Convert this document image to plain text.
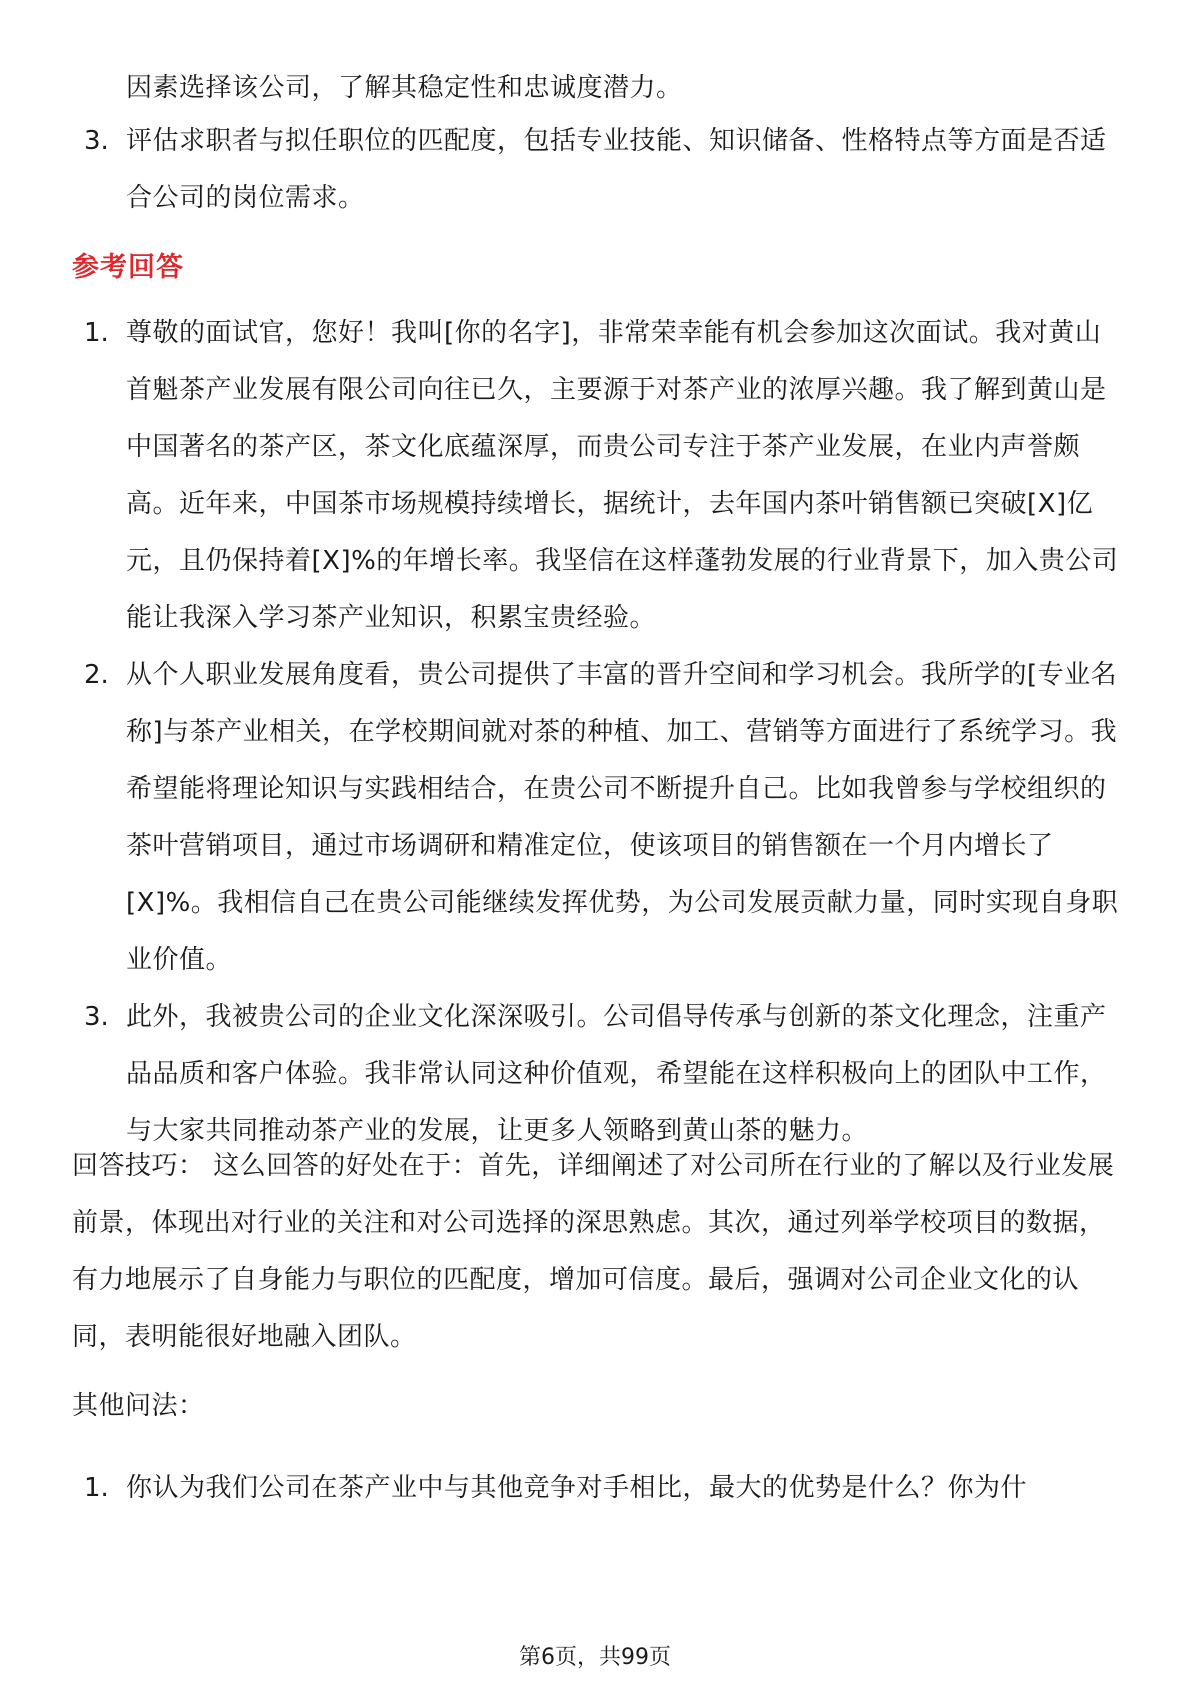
因素选择该公司，了解其稳定性和忠诚度潜力。
3. 评估求职者与拟任职位的匹配度，包括专业技能、知识储备、性格特点等方面是否适合公司的岗位需求。
参考回答
1. 尊敬的面试官，您好！我叫[你的名字]，非常荣幸能有机会参加这次面试。我对黄山首魁茶产业发展有限公司向往已久，主要源于对茶产业的浓厚兴趣。我了解到黄山是中国著名的茶产区，茶文化底蕴深厚，而贵公司专注于茶产业发展，在业内声誉颇高。近年来，中国茶市场规模持续增长，据统计，去年国内茶叶销售额已突破[X]亿元，且仍保持着[X]%的年增长率。我坚信在这样蓬勃发展的行业背景下，加入贵公司能让我深入学习茶产业知识，积累宝贵经验。
2. 从个人职业发展角度看，贵公司提供了丰富的晋升空间和学习机会。我所学的[专业名称]与茶产业相关，在学校期间就对茶的种植、加工、营销等方面进行了系统学习。我希望能将理论知识与实践相结合，在贵公司不断提升自己。比如我曾参与学校组织的茶叶营销项目，通过市场调研和精准定位，使该项目的销售额在一个月内增长了[X]%。我相信自己在贵公司能继续发挥优势，为公司发展贡献力量，同时实现自身职业价值。
3. 此外，我被贵公司的企业文化深深吸引。公司倡导传承与创新的茶文化理念，注重产品品质和客户体验。我非常认同这种价值观，希望能在这样积极向上的团队中工作，与大家共同推动茶产业的发展，让更多人领略到黄山茶的魅力。
回答技巧： 这么回答的好处在于：首先，详细阐述了对公司所在行业的了解以及行业发展前景，体现出对行业的关注和对公司选择的深思熟虑。其次，通过列举学校项目的数据，有力地展示了自身能力与职位的匹配度，增加可信度。最后，强调对公司企业文化的认同，表明能很好地融入团队。
其他问法：
1. 你认为我们公司在茶产业中与其他竞争对手相比，最大的优势是什么？你为什
第6页，共99页
